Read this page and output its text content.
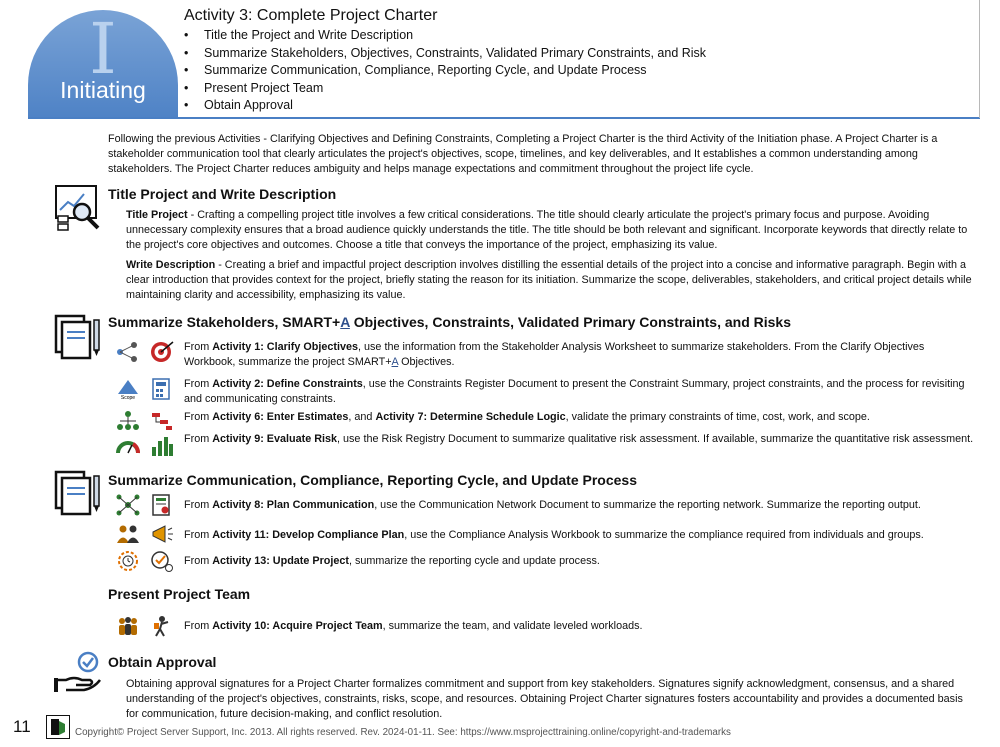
I
Initiating
Activity 3: Complete Project Charter
• Title the Project and Write Description
• Summarize Stakeholders, Objectives, Constraints, Validated Primary Constraints, and Risk
• Summarize Communication, Compliance, Reporting Cycle, and Update Process
• Present Project Team
• Obtain Approval

Following the previous Activities - Clarifying Objectives and Defining Constraints, Completing a Project Charter is the third Activity of the Initiation phase. A Project Charter is a stakeholder communication tool that clearly articulates the project's objectives, scope, timelines, and key deliverables, and It establishes a common understanding among stakeholders. The Project Charter reduces ambiguity and helps manage expectations and commitment throughout the project life cycle.

Title Project and Write Description

Title Project - Crafting a compelling project title involves a few critical considerations. The title should clearly articulate the project's primary focus and purpose. Avoiding unnecessary complexity ensures that a broad audience quickly understands the title. The title should be both relevant and significant. Incorporate keywords that directly relate to the project's core objectives and outcomes. Choose a title that conveys the importance of the project, emphasizing its value.

Write Description - Creating a brief and impactful project description involves distilling the essential details of the project into a concise and informative paragraph. Begin with a clear introduction that provides context for the project, briefly stating the reason for its initiation. Summarize the scope, deliverables, stakeholders, and critical project details while maintaining clarity and accessibility, emphasizing its value.

Summarize Stakeholders, SMART+A Objectives, Constraints, Validated Primary Constraints, and Risks

From Activity 1: Clarify Objectives, use the information from the Stakeholder Analysis Worksheet to summarize stakeholders. From the Clarify Objectives Workbook, summarize the project SMART+A Objectives.

Scope

From Activity 2: Define Constraints, use the Constraints Register Document to present the Constraint Summary, project constraints, and the process for revisiting and communicating constraints.

From Activity 6: Enter Estimates, and Activity 7: Determine Schedule Logic, validate the primary constraints of time, cost, work, and scope.

From Activity 9: Evaluate Risk, use the Risk Registry Document to summarize qualitative risk assessment. If available, summarize the quantitative risk assessment.

Summarize Communication, Compliance, Reporting Cycle, and Update Process

From Activity 8: Plan Communication, use the Communication Network Document to summarize the reporting network. Summarize the reporting output.

From Activity 11: Develop Compliance Plan, use the Compliance Analysis Workbook to summarize the compliance required from individuals and groups.

From Activity 13: Update Project, summarize the reporting cycle and update process.

Present Project Team

From Activity 10: Acquire Project Team, summarize the team, and validate leveled workloads.

Obtain Approval

Obtaining approval signatures for a Project Charter formalizes commitment and support from key stakeholders. Signatures signify acknowledgment, consensus, and a shared understanding of the project's objectives, constraints, risks, scope, and resources. Obtaining Project Charter signatures fosters accountability and provides a documented basis for communication, future decision-making, and conflict resolution.

11	Copyright© Project Server Support, Inc. 2013. All rights reserved. Rev. 2024-01-11. See: https://www.msprojecttraining.online/copyright-and-trademarks
